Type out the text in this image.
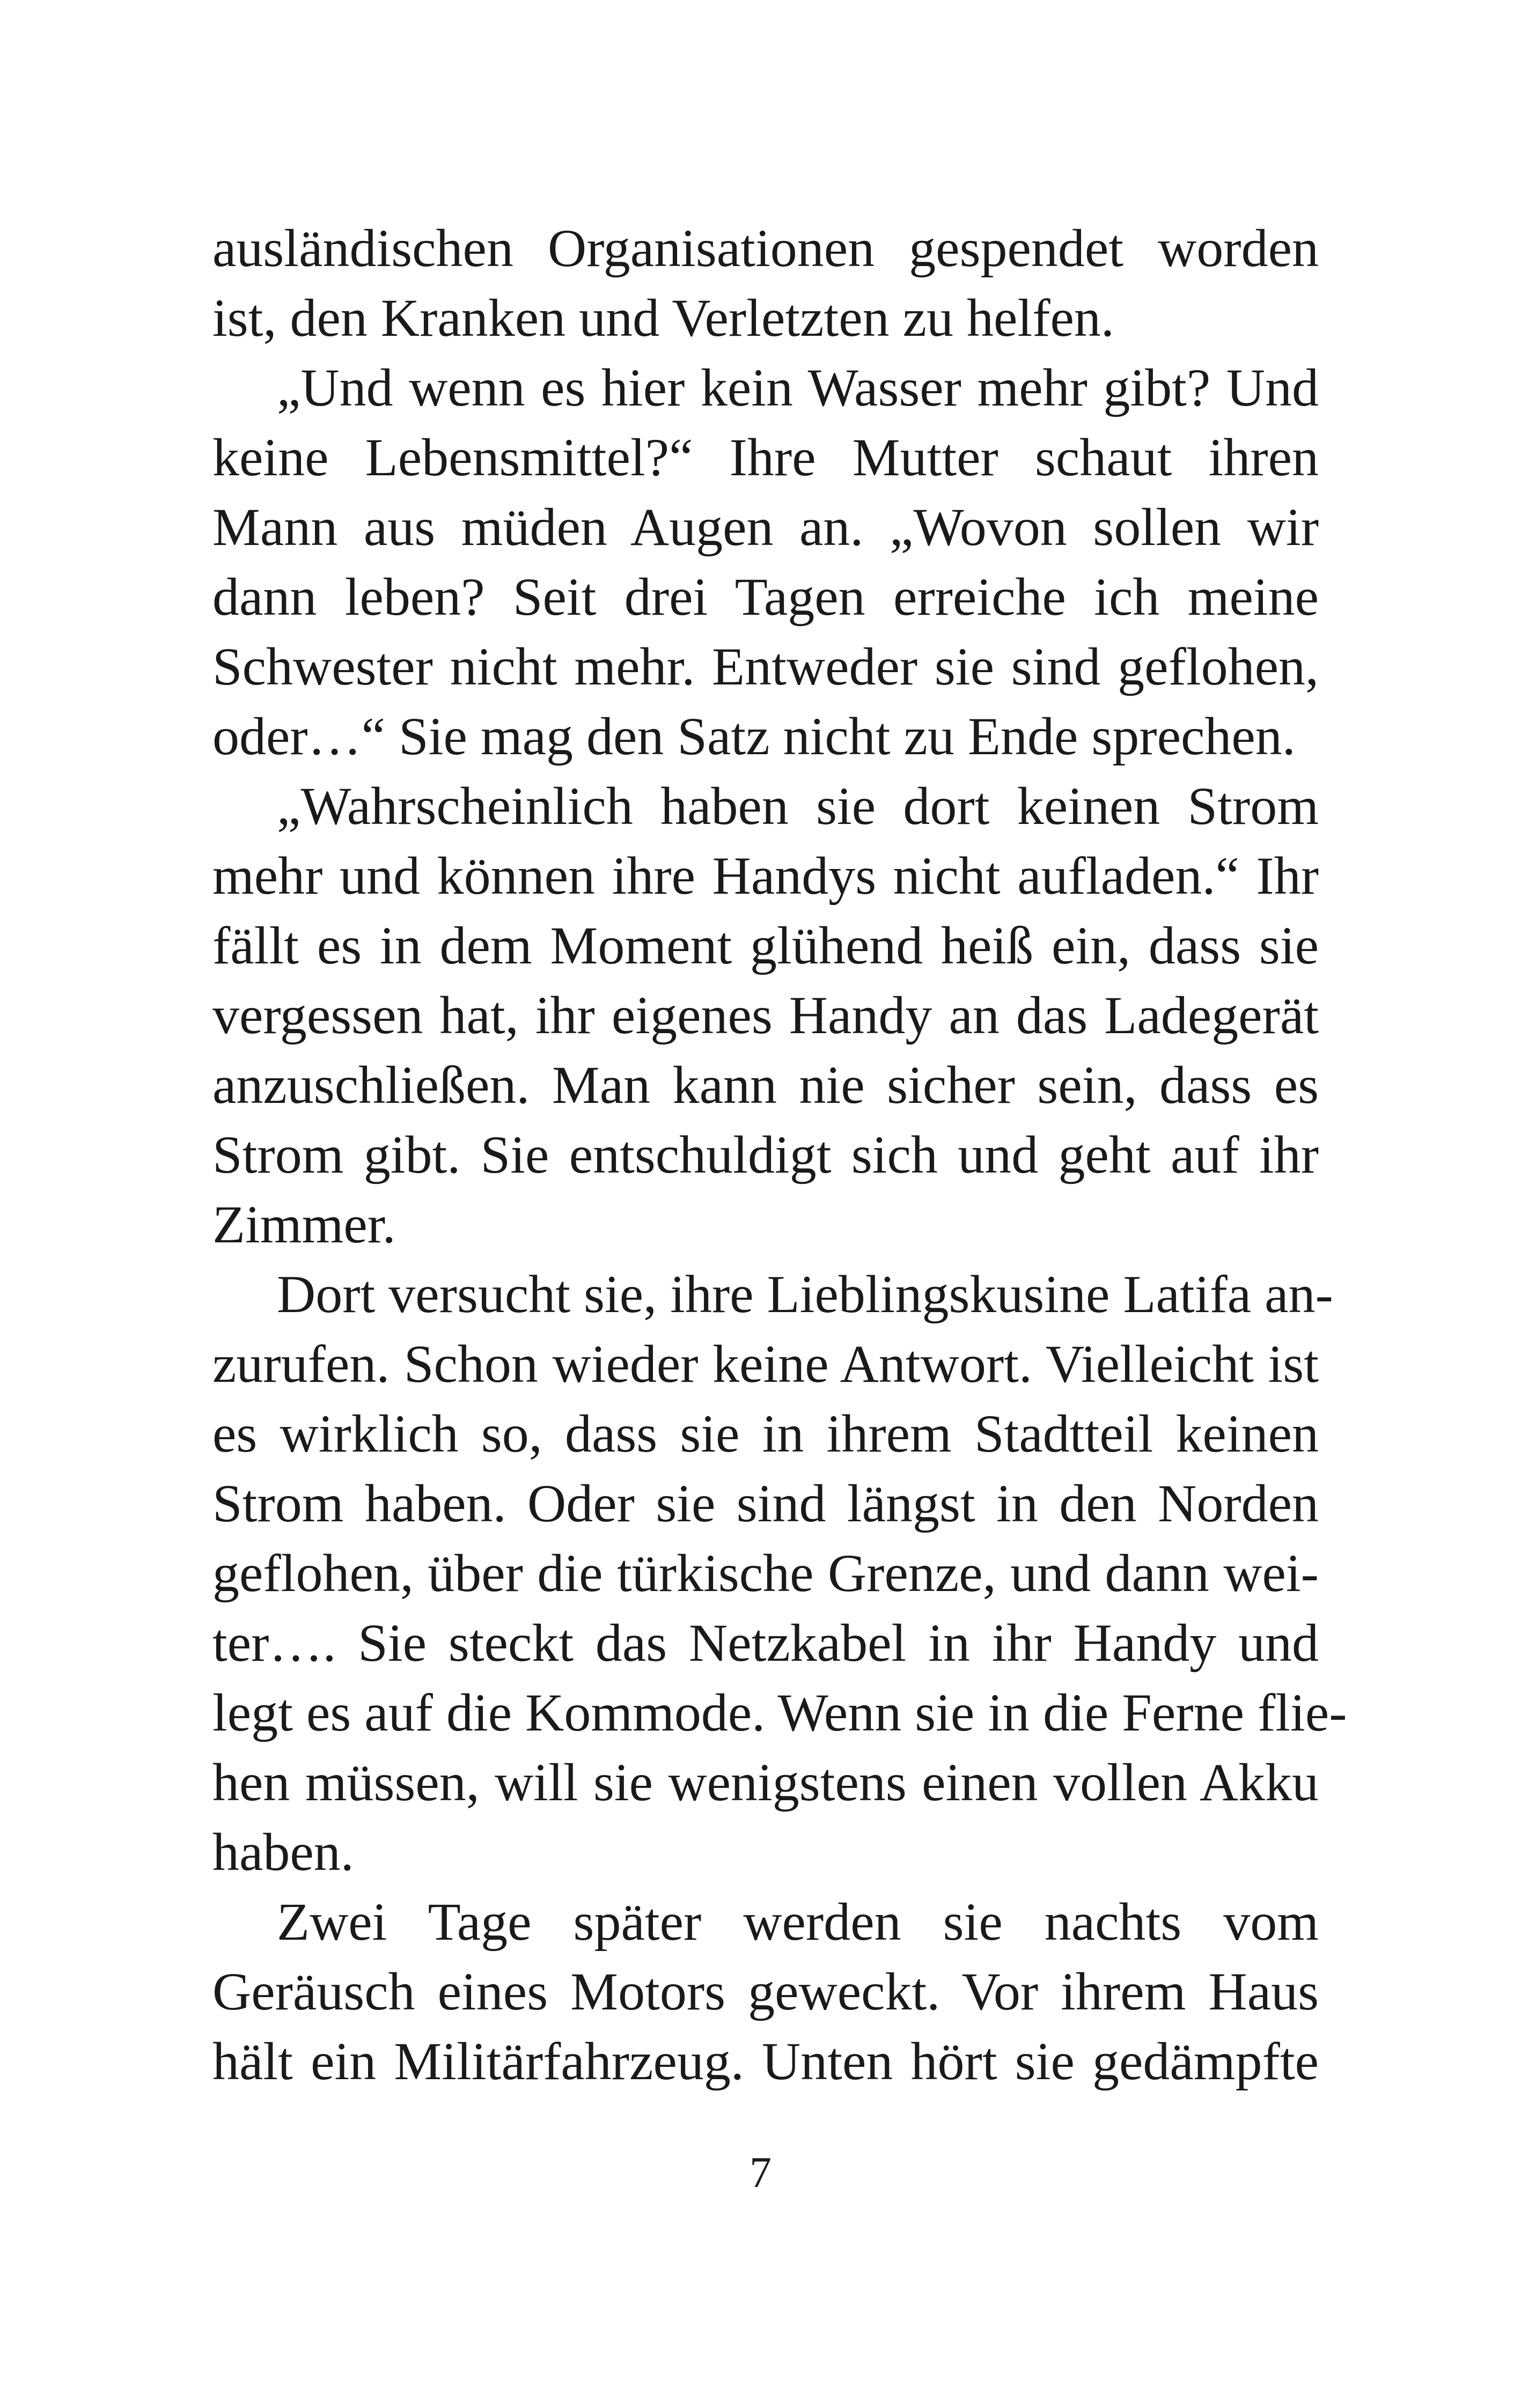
ausländischen Organisationen gespendet worden
ist, den Kranken und Verletzten zu helfen.
„Und wenn es hier kein Wasser mehr gibt? Und
keine Lebensmittel?“ Ihre Mutter schaut ihren
Mann aus müden Augen an. „Wovon sollen wir
dann leben? Seit drei Tagen erreiche ich meine
Schwester nicht mehr. Entweder sie sind geflohen,
oder…“ Sie mag den Satz nicht zu Ende sprechen.
„Wahrscheinlich haben sie dort keinen Strom
mehr und können ihre Handys nicht aufladen.“ Ihr
fällt es in dem Moment glühend heiß ein, dass sie
vergessen hat, ihr eigenes Handy an das Ladegerät
anzuschließen. Man kann nie sicher sein, dass es
Strom gibt. Sie entschuldigt sich und geht auf ihr
Zimmer.
Dort versucht sie, ihre Lieblingskusine Latifa an-
zurufen. Schon wieder keine Antwort. Vielleicht ist
es wirklich so, dass sie in ihrem Stadtteil keinen
Strom haben. Oder sie sind längst in den Norden
geflohen, über die türkische Grenze, und dann wei-
ter…. Sie steckt das Netzkabel in ihr Handy und
legt es auf die Kommode. Wenn sie in die Ferne flie-
hen müssen, will sie wenigstens einen vollen Akku
haben.
Zwei Tage später werden sie nachts vom
Geräusch eines Motors geweckt. Vor ihrem Haus
hält ein Militärfahrzeug. Unten hört sie gedämpfte
7
